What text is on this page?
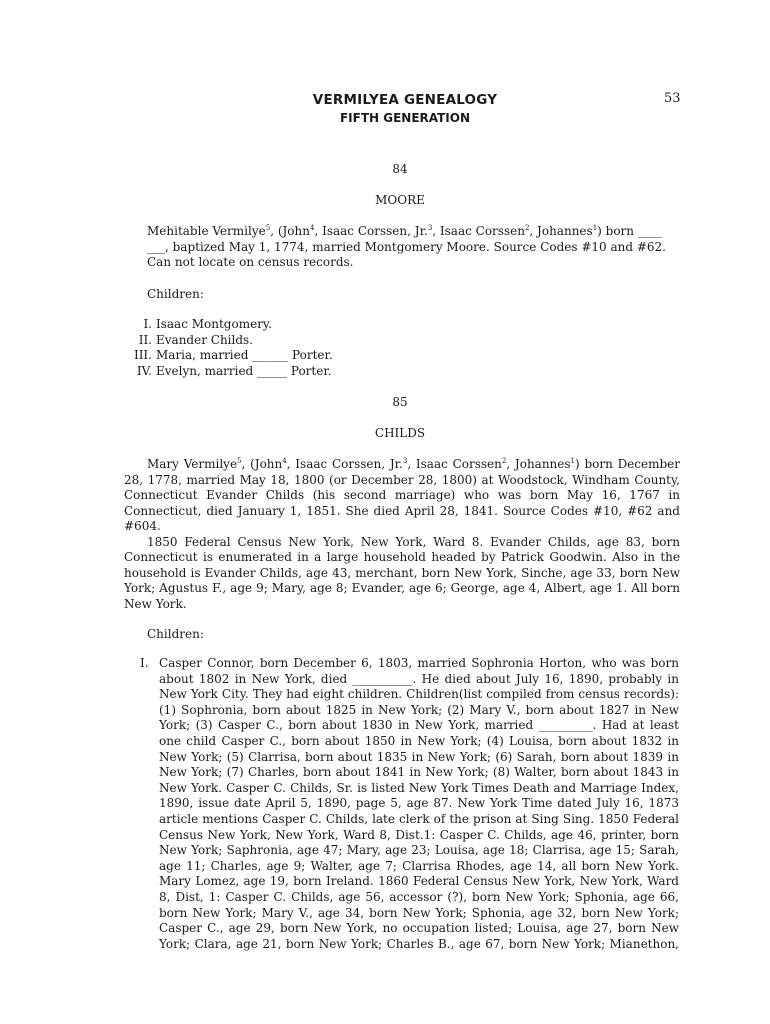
VERMILYEA GENEALOGY	53
FIFTH GENERATION
84
MOORE
Mehitable Vermilye$^5$, (John$^4$, Isaac Corssen, Jr.$^3$, Isaac Corssen$^2$, Johannes$^1$) born ____
___, baptized May 1, 1774, married Montgomery Moore. Source Codes #10 and #62.
Can not locate on census records.
Children:
I. Isaac Montgomery.
II. Evander Childs.
III. Maria, married ______ Porter.
IV. Evelyn, married _____ Porter.
85
CHILDS
Mary Vermilye$^5$, (John$^4$, Isaac Corssen, Jr.$^3$, Isaac Corssen$^2$, Johannes$^1$) born December
28, 1778, married May 18, 1800 (or December 28, 1800) at Woodstock, Windham County,
Connecticut Evander Childs (his second marriage) who was born May 16, 1767 in
Connecticut, died January 1, 1851. She died April 28, 1841. Source Codes #10, #62 and
#604.
1850 Federal Census New York, New York, Ward 8. Evander Childs, age 83, born
Connecticut is enumerated in a large household headed by Patrick Goodwin. Also in the
household is Evander Childs, age 43, merchant, born New York, Sinche, age 33, born New
York; Agustus F., age 9; Mary, age 8; Evander, age 6; George, age 4, Albert, age 1. All born
New York.
Children:
I. Casper Connor, born December 6, 1803, married Sophronia Horton, who was born
about 1802 in New York, died __________. He died about July 16, 1890, probably in
New York City. They had eight children. Children(list compiled from census records):
(1) Sophronia, born about 1825 in New York; (2) Mary V., born about 1827 in New
York; (3) Casper C., born about 1830 in New York, married _________. Had at least
one child Casper C., born about 1850 in New York; (4) Louisa, born about 1832 in
New York; (5) Clarrisa, born about 1835 in New York; (6) Sarah, born about 1839 in
New York; (7) Charles, born about 1841 in New York; (8) Walter, born about 1843 in
New York. Casper C. Childs, Sr. is listed New York Times Death and Marriage Index,
1890, issue date April 5, 1890, page 5, age 87. New York Time dated July 16, 1873
article mentions Casper C. Childs, late clerk of the prison at Sing Sing. 1850 Federal
Census New York, New York, Ward 8, Dist.1: Casper C. Childs, age 46, printer, born
New York; Saphronia, age 47; Mary, age 23; Louisa, age 18; Clarrisa, age 15; Sarah,
age 11; Charles, age 9; Walter, age 7; Clarrisa Rhodes, age 14, all born New York.
Mary Lomez, age 19, born Ireland. 1860 Federal Census New York, New York, Ward
8, Dist, 1: Casper C. Childs, age 56, accessor (?), born New York; Sphonia, age 66,
born New York; Mary V., age 34, born New York; Sphonia, age 32, born New York;
Casper C., age 29, born New York, no occupation listed; Louisa, age 27, born New
York; Clara, age 21, born New York; Charles B., age 67, born New York; Mianethon,
